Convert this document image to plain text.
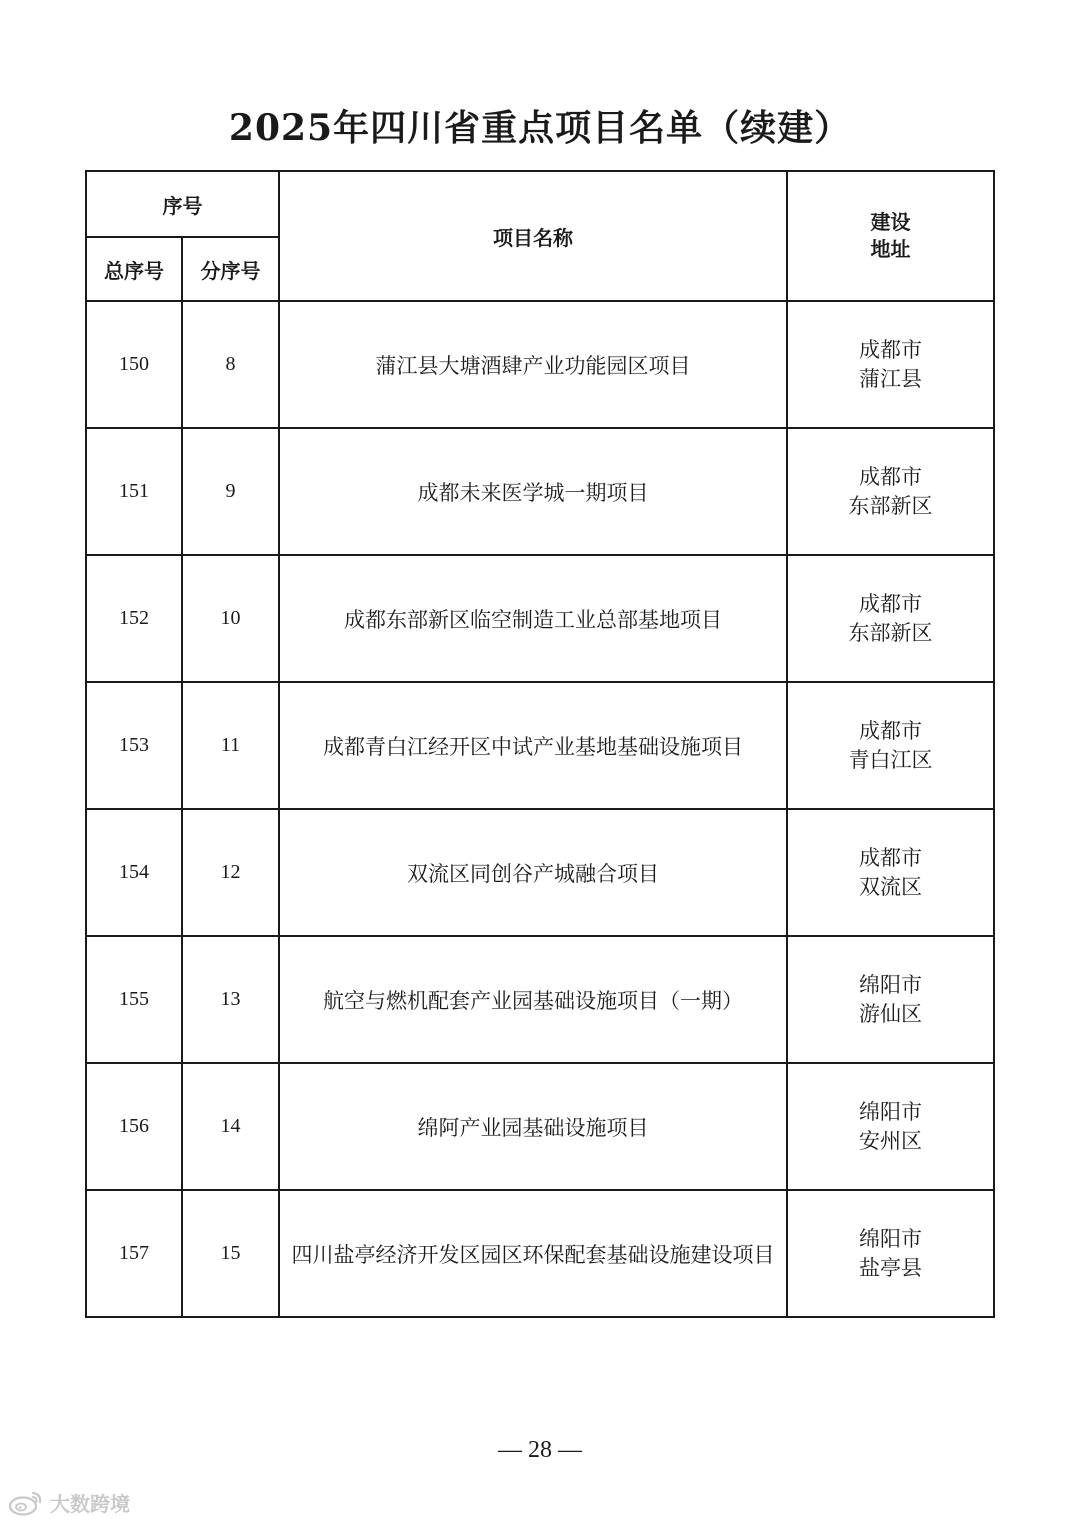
2025年四川省重点项目名单（续建）
序号		项目名称	建设
地址

总序号	分序号		
150	8	蒲江县大塘酒肆产业功能园区项目	成都市
蒲江县

151	9	成都未来医学城一期项目	成都市
东部新区

152	10	成都东部新区临空制造工业总部基地项目	成都市
东部新区

153	11	成都青白江经开区中试产业基地基础设施项目	成都市
青白江区

154	12	双流区同创谷产城融合项目	成都市
双流区

155	13	航空与燃机配套产业园基础设施项目（一期）	绵阳市
游仙区

156	14	绵阿产业园基础设施项目	绵阳市
安州区

157	15	四川盐亭经济开发区园区环保配套基础设施建设项目	绵阳市
盐亭县
— 28 —
大数跨境
